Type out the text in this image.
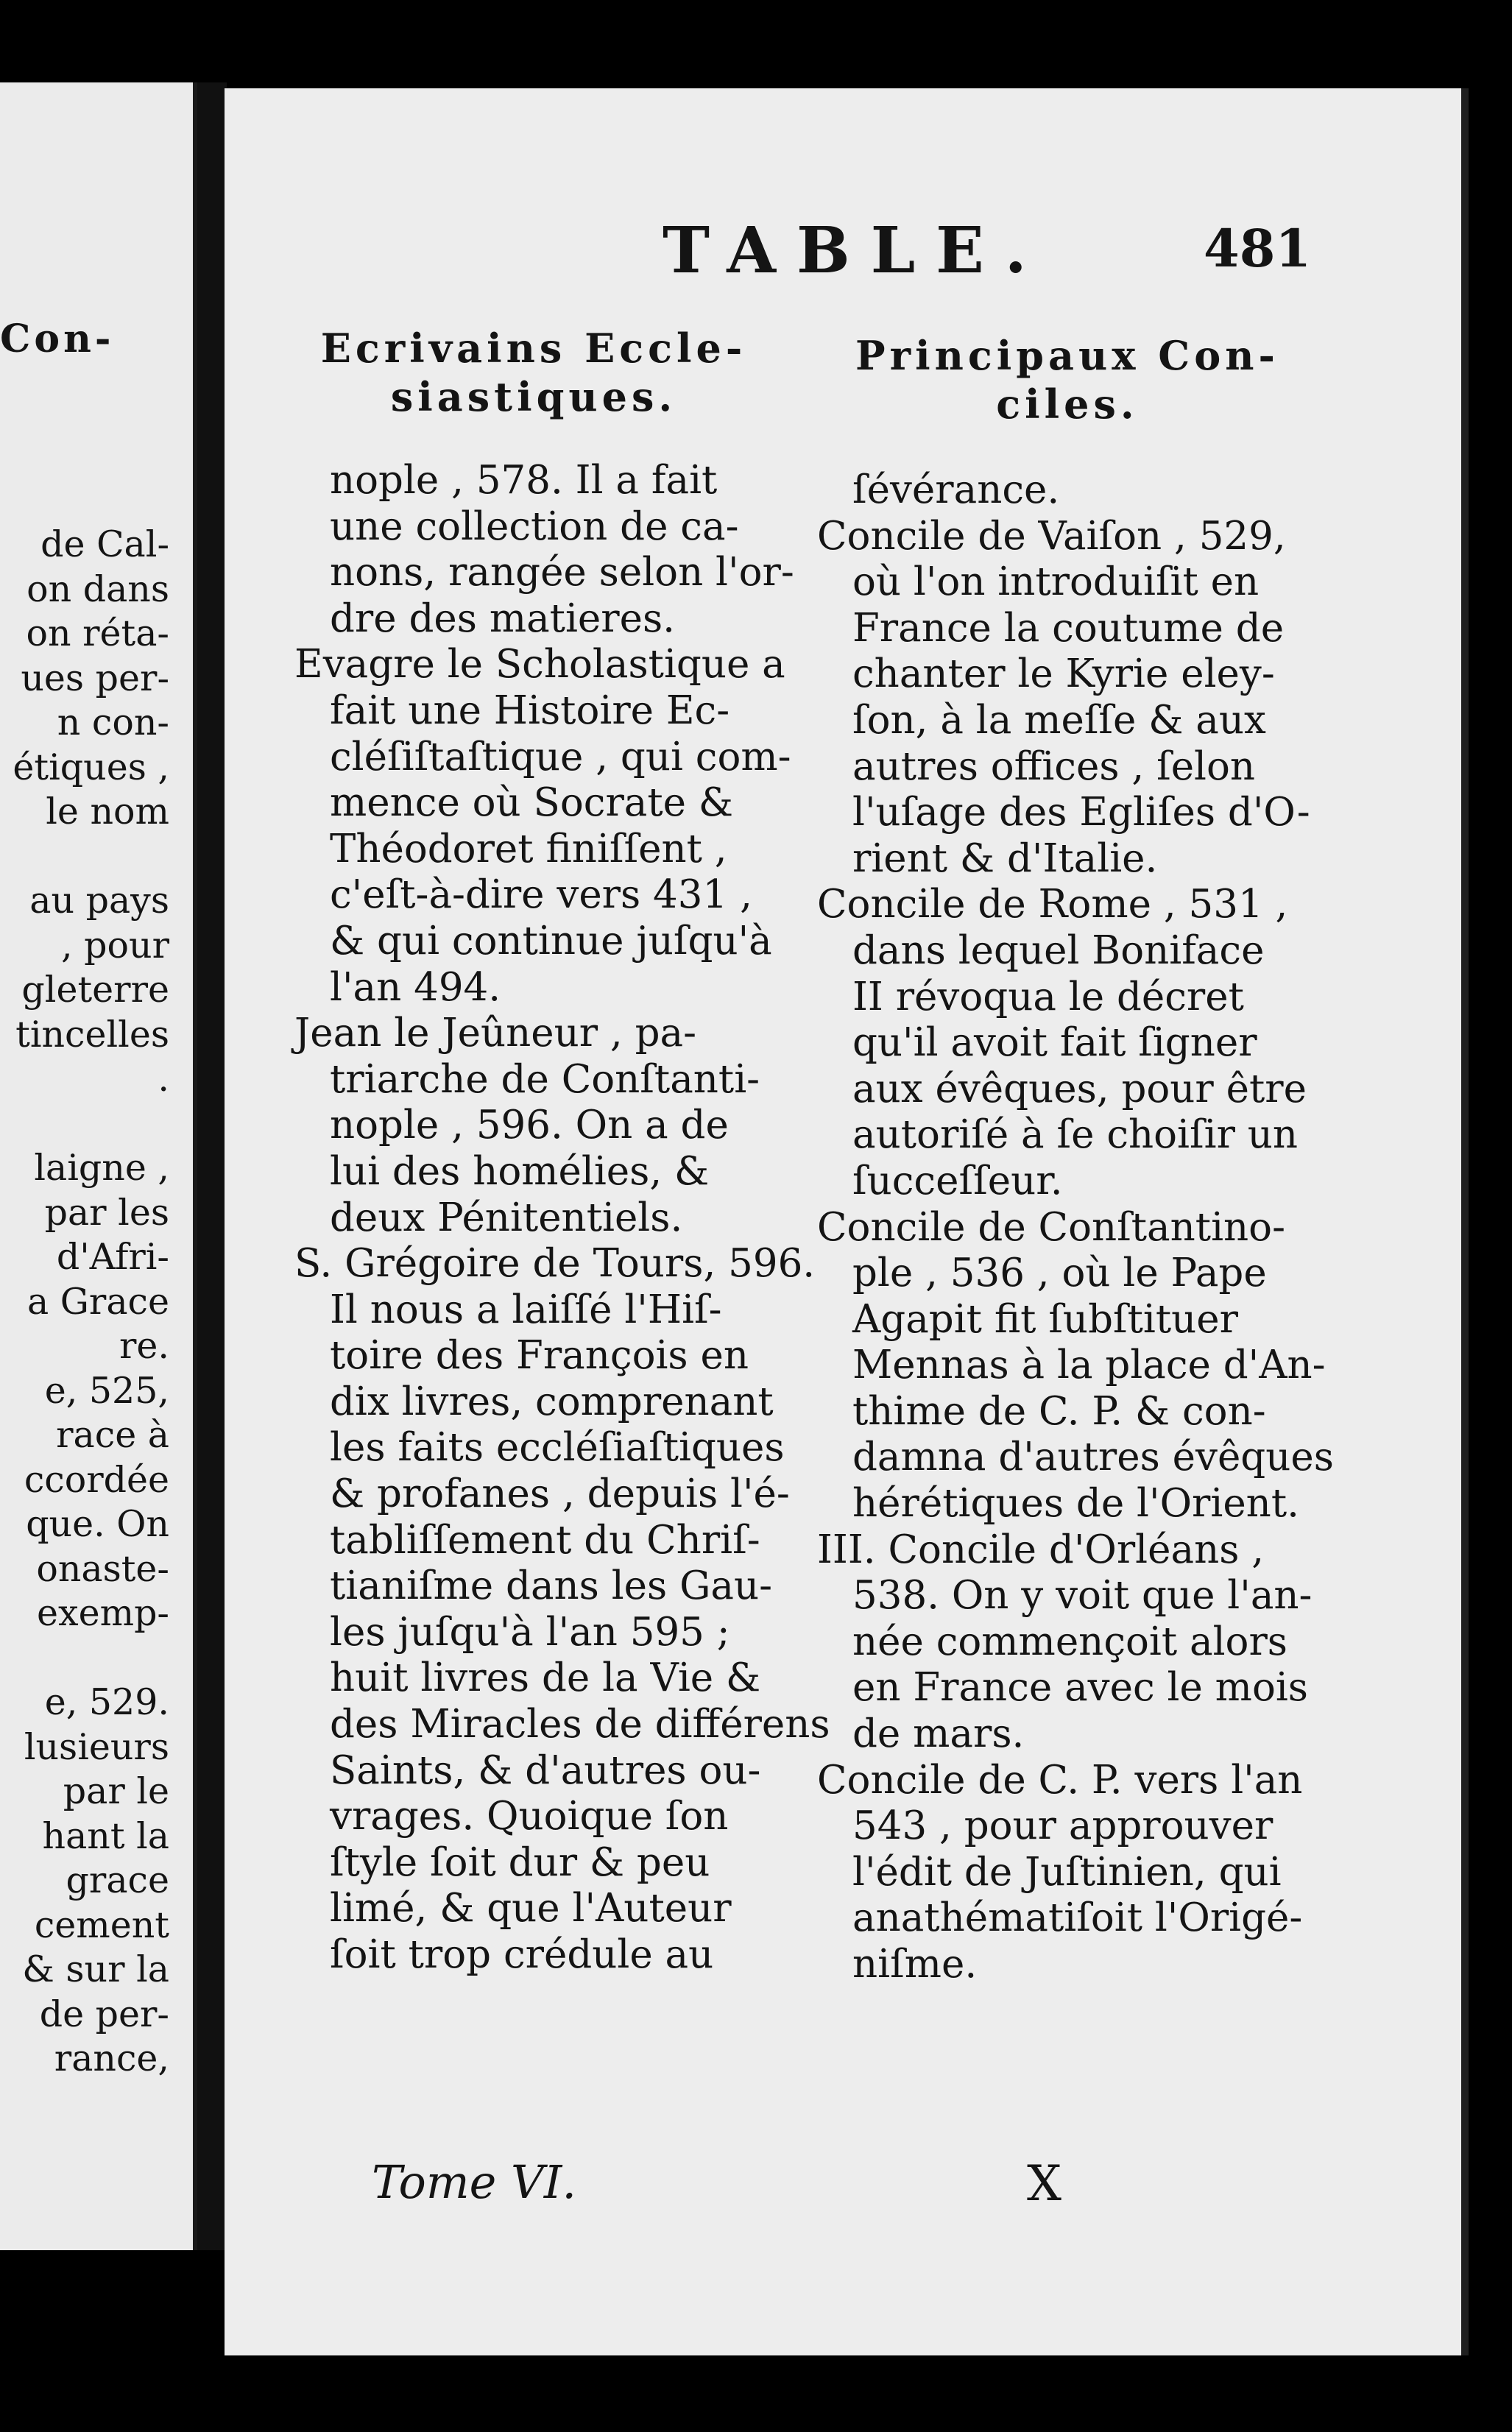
Con-
de Cal-
on dans
on réta-
ues per-
n con-
étiques ,
le nom
au pays
, pour
gleterre
tincelles
.
laigne ,
par les
d'Afri-
a Grace
re.
e, 525,
race à
ccordée
que. On
onaste-
exemp-
e, 529.
lusieurs
par le
hant la
grace
cement
& sur la
de per-
rance,
TABLE.	481
Ecrivains Eccle-
siastiques.
Principaux Con-
ciles.
nople , 578. Il a fait
une collection de ca-
nons, rangée selon l'or-
dre des matieres.
Evagre le Scholastique a
fait une Histoire Ec-
cléſiſtaſtique , qui com-
mence où Socrate &
Théodoret finiſſent ,
c'eſt-à-dire vers 431 ,
& qui continue juſqu'à
l'an 494.
Jean le Jeûneur , pa-
triarche de Conſtanti-
nople , 596. On a de
lui des homélies, &
deux Pénitentiels.
S. Grégoire de Tours, 596.
Il nous a laiſſé l'Hiſ-
toire des François en
dix livres, comprenant
les faits eccléſiaſtiques
& profanes , depuis l'é-
tabliſſement du Chriſ-
tianiſme dans les Gau-
les juſqu'à l'an 595 ;
huit livres de la Vie &
des Miracles de différens
Saints, & d'autres ou-
vrages. Quoique ſon
ſtyle ſoit dur & peu
limé, & que l'Auteur
ſoit trop crédule au
ſévérance.
Concile de Vaiſon , 529,
où l'on introduiſit en
France la coutume de
chanter le Kyrie eley-
ſon, à la meſſe & aux
autres offices , ſelon
l'uſage des Egliſes d'O-
rient & d'Italie.
Concile de Rome , 531 ,
dans lequel Boniface
II révoqua le décret
qu'il avoit fait ſigner
aux évêques, pour être
autoriſé à ſe choiſir un
ſucceſſeur.
Concile de Conſtantino-
ple , 536 , où le Pape
Agapit fit ſubſtituer
Mennas à la place d'An-
thime de C. P. & con-
damna d'autres évêques
hérétiques de l'Orient.
III. Concile d'Orléans ,
538. On y voit que l'an-
née commençoit alors
en France avec le mois
de mars.
Concile de C. P. vers l'an
543 , pour approuver
l'édit de Juſtinien, qui
anathématiſoit l'Origé-
niſme.
Tome VI.	X
